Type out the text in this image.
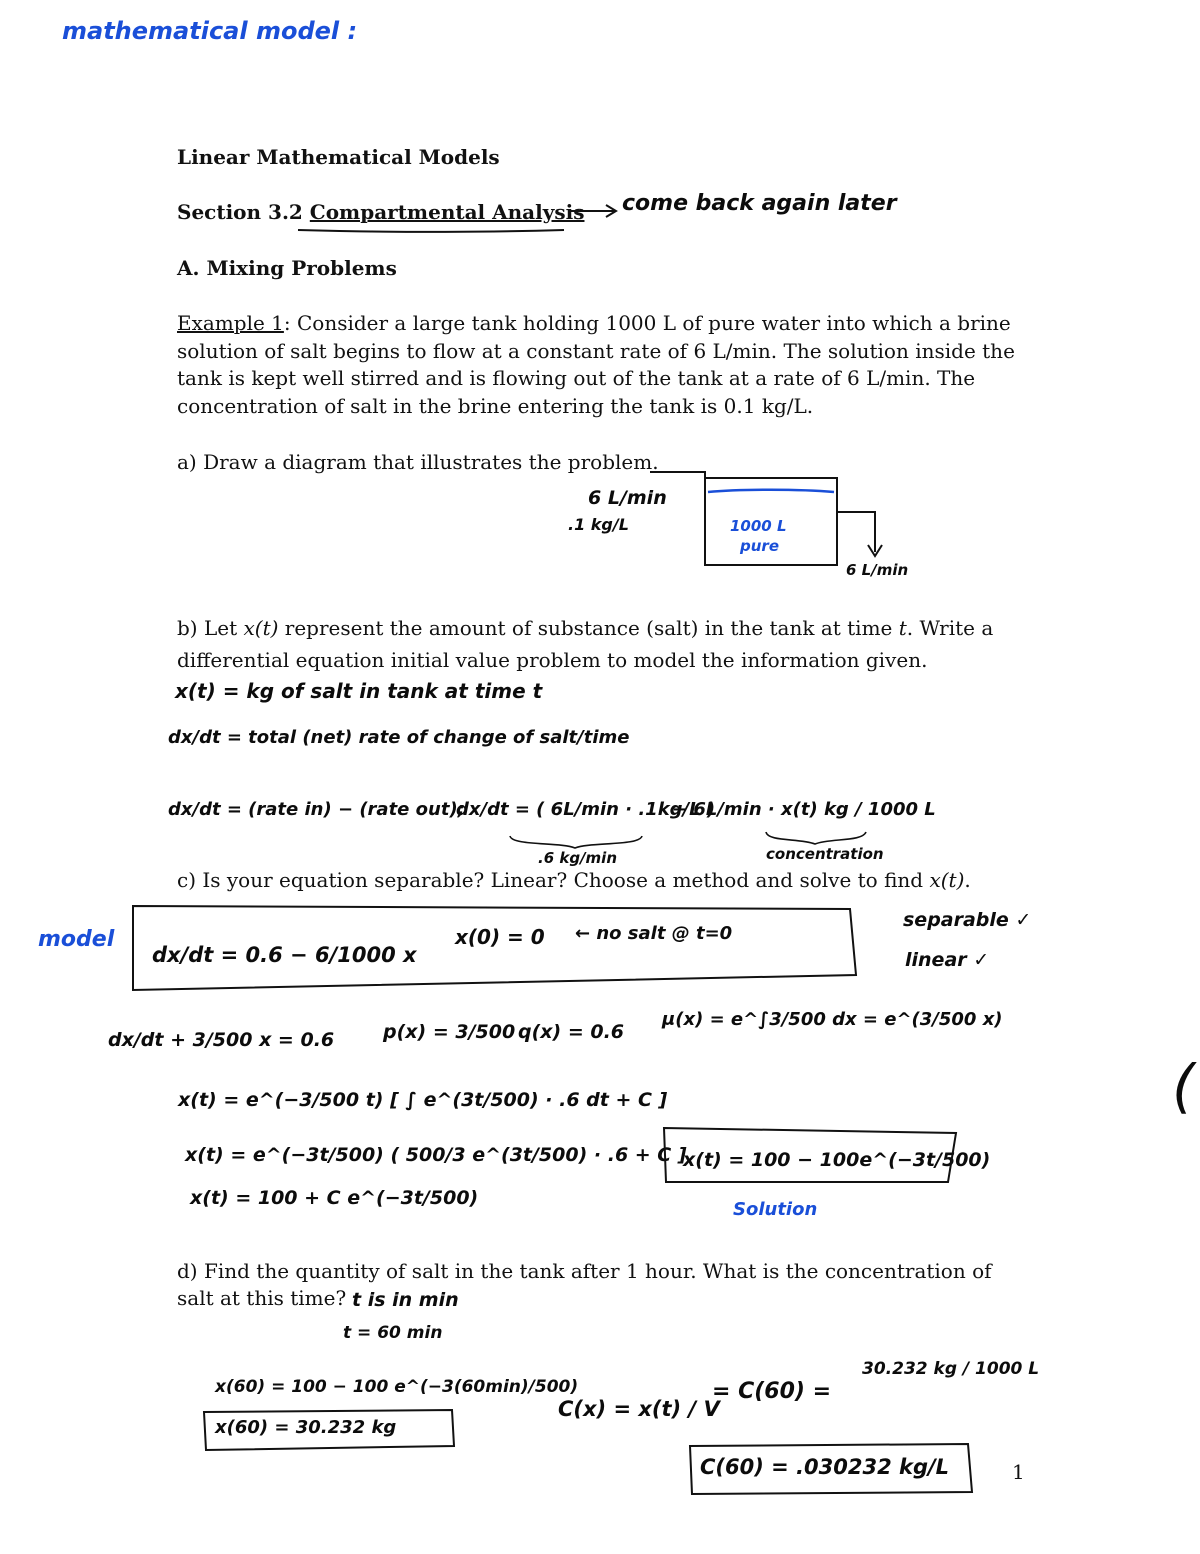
mathematical model :
Linear Mathematical Models
Section 3.2 Compartmental Analysis come back again later
A. Mixing Problems
Example 1: Consider a large tank holding 1000 L of pure water into which a brine
solution of salt begins to flow at a constant rate of 6 L/min. The solution inside the
tank is kept well stirred and is flowing out of the tank at a rate of 6 L/min. The
concentration of salt in the brine entering the tank is 0.1 kg/L.
a) Draw a diagram that illustrates the problem.
6 L/min
.1 kg/L	1000 L
pure
6 L/min
b) Let x(t) represent the amount of substance (salt) in the tank at time t. Write a
differential equation initial value problem to model the information given.
x(t) = kg of salt in tank at time t
dx/dt = total (net) rate of change of salt/time
dx/dt = (rate in) − (rate out);
dx/dt = ( 6L/min · .1kg/L )
− 6L/min · x(t) kg / 1000 L
.6 kg/min	concentration
c) Is your equation separable? Linear? Choose a method and solve to find x(t).
model
dx/dt = 0.6 − 6/1000 x
x(0) = 0 ← no salt @ t=0
separable ✓
linear ✓
dx/dt + 3/500 x = 0.6	p(x) = 3/500 q(x) = 0.6
μ(x) = e^∫3/500 dx = e^(3/500 x)
x(t) = e^(−3/500 t) [ ∫ e^(3t/500) · .6 dt + C ]
x(t) = e^(−3t/500) ( 500/3 e^(3t/500) · .6 + C ]
x(t) = 100 + C e^(−3t/500)
x(t) = 100 − 100e^(−3t/500)
Solution
(
d) Find the quantity of salt in the tank after 1 hour. What is the concentration of
salt at this time? t is in min
t = 60 min
x(60) = 100 − 100 e^(−3(60min)/500)
x(60) = 30.232 kg
C(x) = x(t) / V
= C(60) =
30.232 kg / 1000 L
C(60) = .030232 kg/L	1
